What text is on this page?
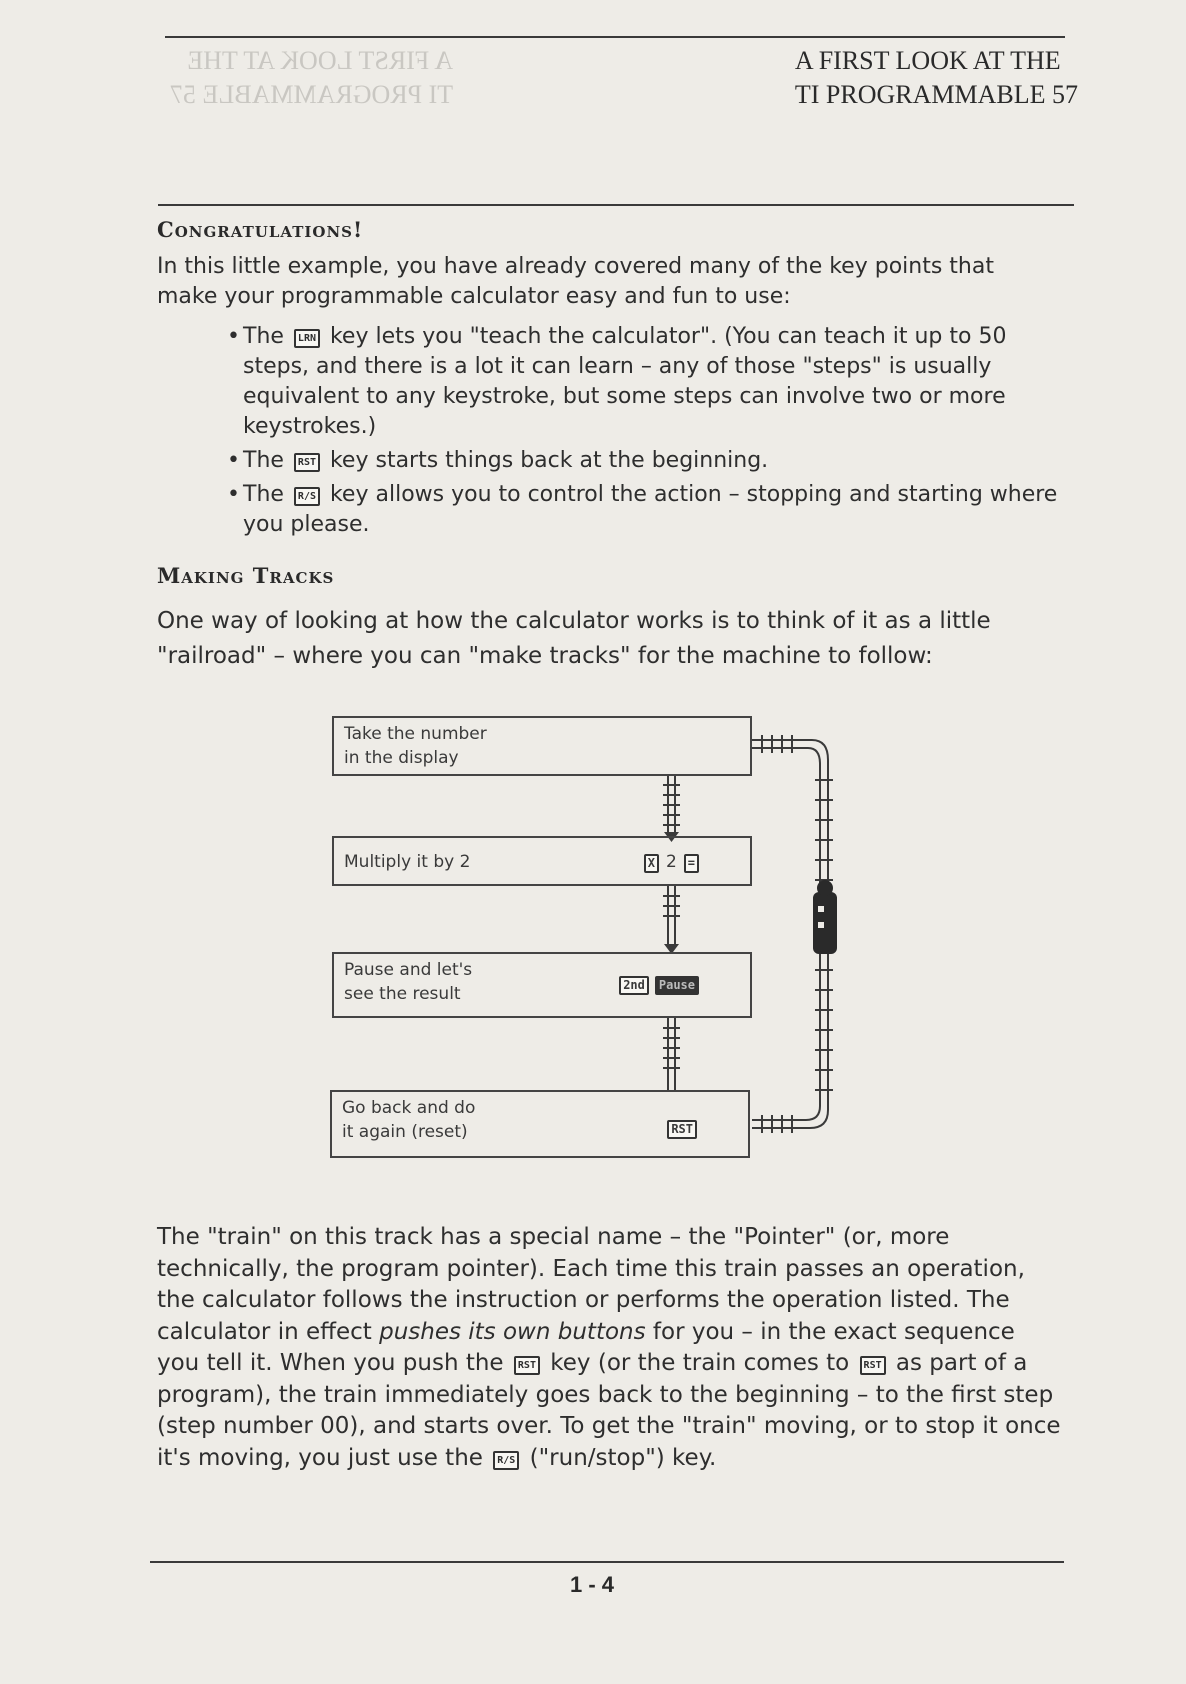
A FIRST LOOK AT THE
TI PROGRAMMABLE 57
A FIRST LOOK AT THE
TI PROGRAMMABLE 57
Congratulations!

In this little example, you have already covered many of the key points that make your programmable calculator easy and fun to use:

• The LRN key lets you "teach the calculator". (You can teach it up to 50 steps, and there is a lot it can learn – any of those "steps" is usually equivalent to any keystroke, but some steps can involve two or more keystrokes.)
• The RST key starts things back at the beginning.
• The R/S key allows you to control the action – stopping and starting where you please.
Making Tracks

One way of looking at how the calculator works is to think of it as a little "railroad" – where you can "make tracks" for the machine to follow:

Take the number
in the display
Multiply it by 2	X 2 =
Pause and let's
see the result	2nd Pause
Go back and do
it again (reset)	RST

The "train" on this track has a special name – the "Pointer" (or, more technically, the program pointer). Each time this train passes an operation, the calculator follows the instruction or performs the operation listed. The calculator in effect pushes its own buttons for you – in the exact sequence you tell it. When you push the RST key (or the train comes to RST as part of a program), the train immediately goes back to the beginning – to the first step (step number 00), and starts over. To get the "train" moving, or to stop it once it's moving, you just use the R/S ("run/stop") key.

1 - 4
